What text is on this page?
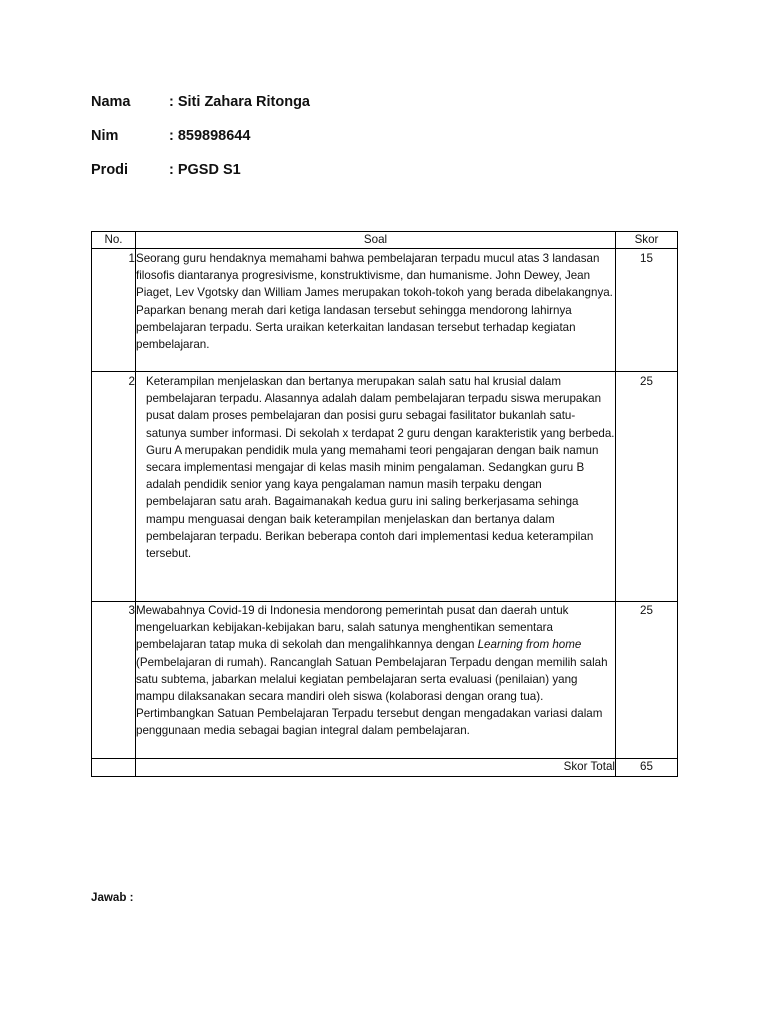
Nama	: Siti Zahara Ritonga
Nim	: 859898644
Prodi	: PGSD S1
No.	Soal	Skor
1	Seorang guru hendaknya memahami bahwa pembelajaran terpadu mucul atas 3 landasan filosofis diantaranya progresivisme, konstruktivisme, dan humanisme. John Dewey, Jean Piaget, Lev Vgotsky dan William James merupakan tokoh-tokoh yang berada dibelakangnya. Paparkan benang merah dari ketiga landasan tersebut sehingga mendorong lahirnya pembelajaran terpadu. Serta uraikan keterkaitan landasan tersebut terhadap kegiatan pembelajaran.	15
2	Keterampilan menjelaskan dan bertanya merupakan salah satu hal krusial dalam pembelajaran terpadu. Alasannya adalah dalam pembelajaran terpadu siswa merupakan pusat dalam proses pembelajaran dan posisi guru sebagai fasilitator bukanlah satu-satunya sumber informasi. Di sekolah x terdapat 2 guru dengan karakteristik yang berbeda. Guru A merupakan pendidik mula yang memahami teori pengajaran dengan baik namun secara implementasi mengajar di kelas masih minim pengalaman. Sedangkan guru B adalah pendidik senior yang kaya pengalaman namun masih terpaku dengan pembelajaran satu arah. Bagaimanakah kedua guru ini saling berkerjasama sehinga mampu menguasai dengan baik keterampilan menjelaskan dan bertanya dalam pembelajaran terpadu. Berikan beberapa contoh dari implementasi kedua keterampilan tersebut.	25
3	Mewabahnya Covid-19 di Indonesia mendorong pemerintah pusat dan daerah untuk mengeluarkan kebijakan-kebijakan baru, salah satunya menghentikan sementara pembelajaran tatap muka di sekolah dan mengalihkannya dengan Learning from home (Pembelajaran di rumah). Rancanglah Satuan Pembelajaran Terpadu dengan memilih salah satu subtema, jabarkan melalui kegiatan pembelajaran serta evaluasi (penilaian) yang mampu dilaksanakan secara mandiri oleh siswa (kolaborasi dengan orang tua). Pertimbangkan Satuan Pembelajaran Terpadu tersebut dengan mengadakan variasi dalam penggunaan media sebagai bagian integral dalam pembelajaran.	25
	Skor Total	65
Jawab :
